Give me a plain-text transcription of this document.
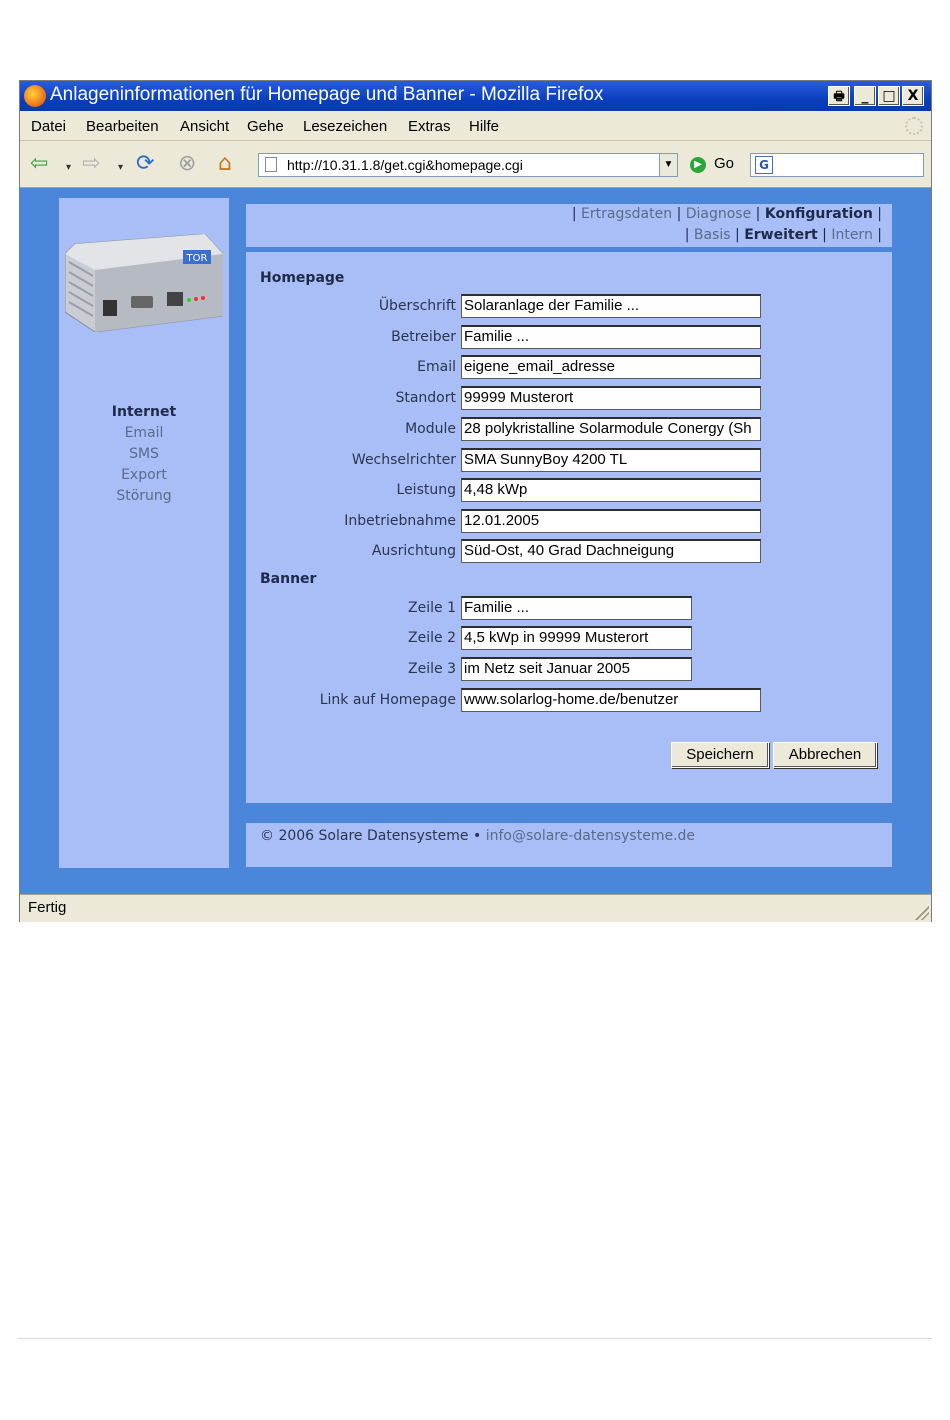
Anlageninformationen für Homepage und Banner - Mozilla Firefox	🖶	_ □ X
Datei Bearbeiten Ansicht Gehe Lesezeichen Extras Hilfe
⇦ ▾ ⇨ ▾ ⟳ ⊗ ⌂	http://10.31.1.8/get.cgi&homepage.cgi	▼	▶ Go	G
TOR
Internet
Email
SMS
Export
Störung
| Ertragsdaten | Diagnose | Konfiguration |
| Basis | Erweitert | Intern |
Homepage
Überschrift Solaranlage der Familie ...
Betreiber Familie ...
Email eigene_email_adresse
Standort 99999 Musterort
Module 28 polykristalline Solarmodule Conergy (Sh
Wechselrichter SMA SunnyBoy 4200 TL
Leistung 4,48 kWp
Inbetriebnahme 12.01.2005
Ausrichtung Süd-Ost, 40 Grad Dachneigung
Banner
Zeile 1 Familie ...
Zeile 2 4,5 kWp in 99999 Musterort
Zeile 3 im Netz seit Januar 2005
Link auf Homepage www.solarlog-home.de/benutzer
Speichern	Abbrechen
© 2006 Solare Datensysteme • info@solare-datensysteme.de
Fertig
